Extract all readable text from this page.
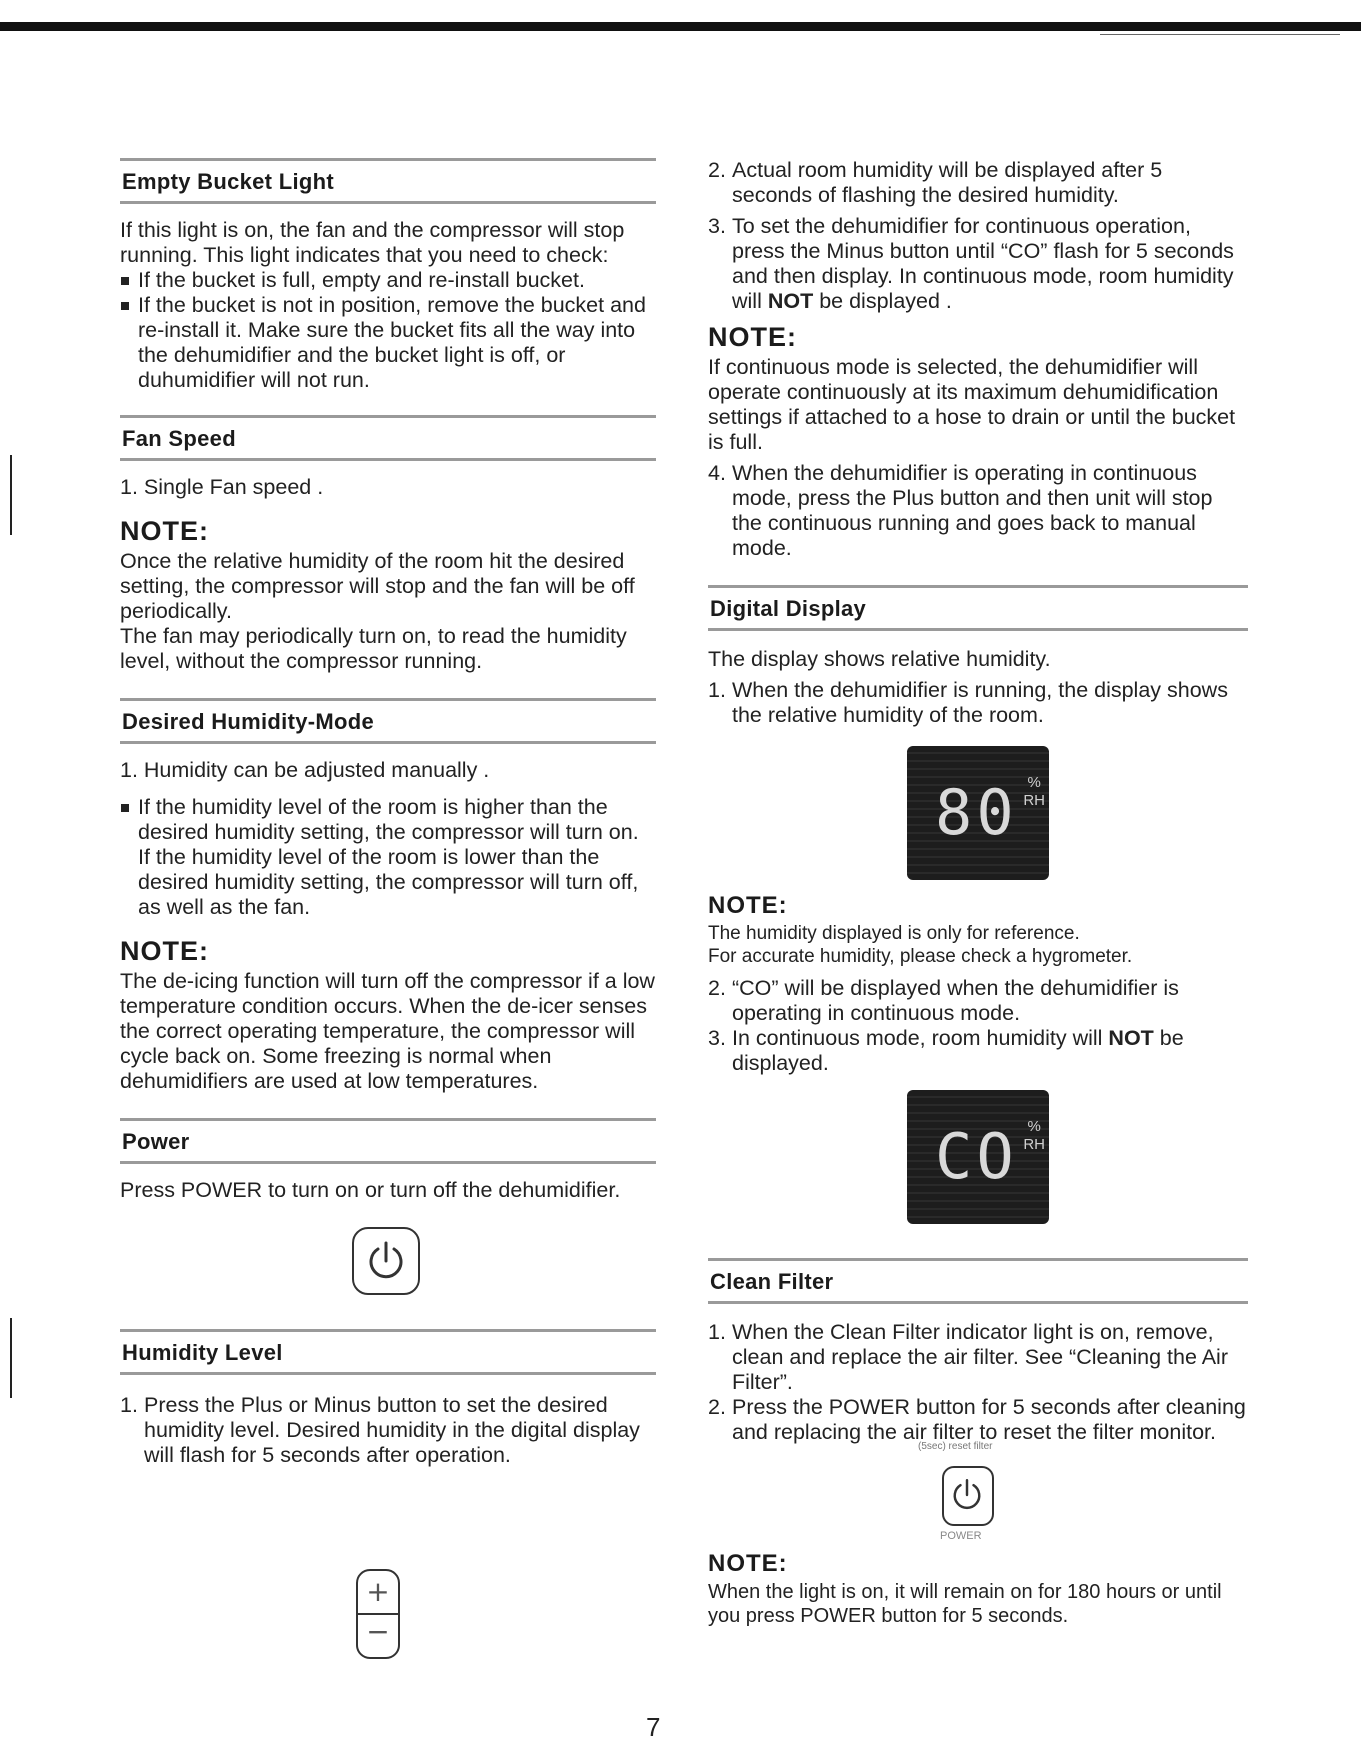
Empty Bucket Light

If this light is on, the fan and the compressor will stop running. This light indicates that you need to check:

If the bucket is full, empty and re-install bucket.
If the bucket is not in position, remove the bucket and re-install it. Make sure the bucket fits all the way into the dehumidifier and the bucket light is off, or duhumidifier will not run.
Fan Speed

1. Single Fan speed .

NOTE:

Once the relative humidity of the room hit the desired setting, the compressor will stop and the fan will be off periodically.

The fan may periodically turn on, to read the humidity level, without the compressor running.

Desired Humidity-Mode

1. Humidity can be adjusted manually .

If the humidity level of the room is higher than the desired humidity setting, the compressor will turn on. If the humidity level of the room is lower than the desired humidity setting, the compressor will turn off, as well as the fan.
NOTE:

The de-icing function will turn off the compressor if a low temperature condition occurs. When the de-icer senses the correct operating temperature, the compressor will cycle back on. Some freezing is normal when dehumidifiers are used at low temperatures.

Power

Press POWER to turn on or turn off the dehumidifier.

Humidity Level
1. Press the Plus or Minus button to set the desired humidity level. Desired humidity in the digital display will flash for 5 seconds after operation.
+
−
2. Actual room humidity will be displayed after 5 seconds of flashing the desired humidity.
3. To set the dehumidifier for continuous operation, press the Minus button until “CO” flash for 5 seconds and then display. In continuous mode, room humidity will NOT be displayed .
NOTE:

If continuous mode is selected, the dehumidifier will operate continuously at its maximum dehumidification settings if attached to a hose to drain or until the bucket is full.

4. When the dehumidifier is operating in continuous mode, press the Plus button and then unit will stop the continuous running and goes back to manual mode.
Digital Display

The display shows relative humidity.

1. When the dehumidifier is running, the display shows the relative humidity of the room.
80 %
RH
NOTE:

The humidity displayed is only for reference.

For accurate humidity, please check a hygrometer.

2. “CO” will be displayed when the dehumidifier is operating in continuous mode.
3. In continuous mode, room humidity will NOT be displayed.
CO %
RH
Clean Filter
1. When the Clean Filter indicator light is on, remove, clean and replace the air filter. See “Cleaning the Air Filter”.
2. Press the POWER button for 5 seconds after cleaning and replacing the air filter to reset the filter monitor.
(5sec) reset filter
POWER
NOTE:

When the light is on, it will remain on for 180 hours or until you press POWER button for 5 seconds.

7
